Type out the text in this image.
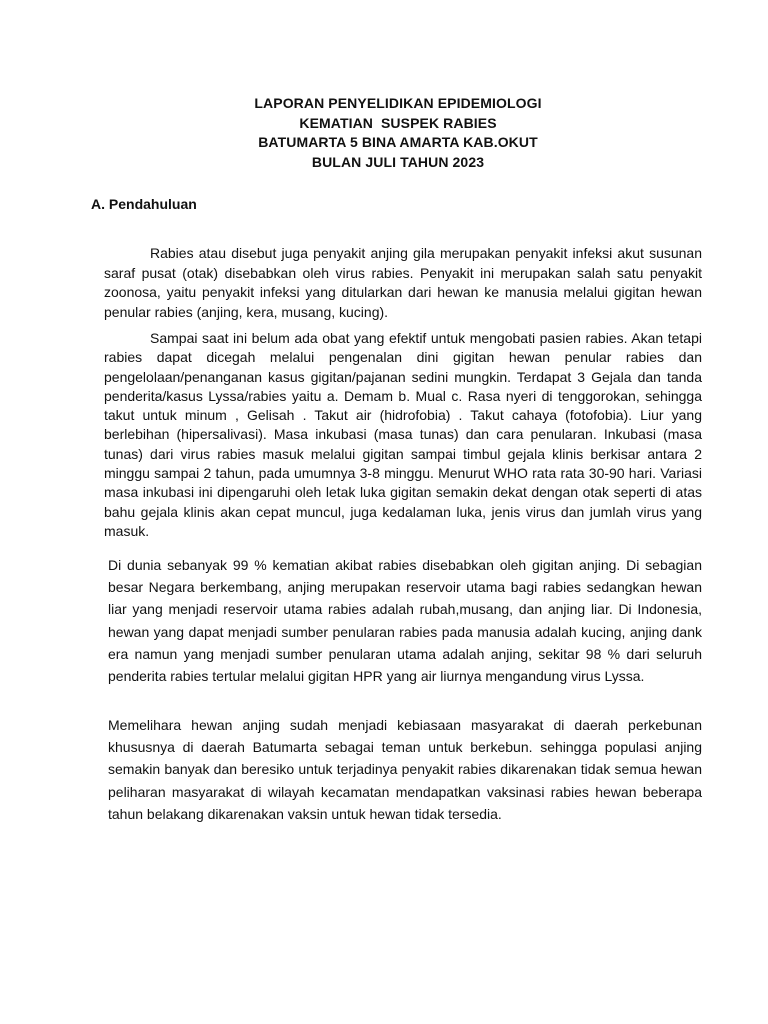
LAPORAN PENYELIDIKAN EPIDEMIOLOGI
KEMATIAN  SUSPEK RABIES
BATUMARTA 5 BINA AMARTA KAB.OKUT
BULAN JULI TAHUN 2023
A. Pendahuluan

Rabies atau disebut juga penyakit anjing gila merupakan penyakit infeksi akut susunan saraf pusat (otak) disebabkan oleh virus rabies. Penyakit ini merupakan salah satu penyakit zoonosa, yaitu penyakit infeksi yang ditularkan dari hewan ke manusia melalui gigitan hewan penular rabies (anjing, kera, musang, kucing).

Sampai saat ini belum ada obat yang efektif untuk mengobati pasien rabies. Akan tetapi rabies dapat dicegah melalui pengenalan dini gigitan hewan penular rabies dan pengelolaan/penanganan kasus gigitan/pajanan sedini mungkin. Terdapat 3 Gejala dan tanda penderita/kasus Lyssa/rabies yaitu a. Demam b. Mual c. Rasa nyeri di tenggorokan, sehingga takut untuk minum , Gelisah . Takut air (hidrofobia) . Takut cahaya (fotofobia). Liur yang berlebihan (hipersalivasi). Masa inkubasi (masa tunas) dan cara penularan. Inkubasi (masa tunas) dari virus rabies masuk melalui gigitan sampai timbul gejala klinis berkisar antara 2 minggu sampai 2 tahun, pada umumnya 3-8 minggu. Menurut WHO rata rata 30-90 hari. Variasi masa inkubasi ini dipengaruhi oleh letak luka gigitan semakin dekat dengan otak seperti di atas bahu gejala klinis akan cepat muncul, juga kedalaman luka, jenis virus dan jumlah virus yang masuk.

Di dunia sebanyak 99 % kematian akibat rabies disebabkan oleh gigitan anjing. Di sebagian besar Negara berkembang, anjing merupakan reservoir utama bagi rabies sedangkan hewan liar yang menjadi reservoir utama rabies adalah rubah,musang, dan anjing liar. Di Indonesia, hewan yang dapat menjadi sumber penularan rabies pada manusia adalah kucing, anjing dank era namun yang menjadi sumber penularan utama adalah anjing, sekitar 98 % dari seluruh penderita rabies tertular melalui gigitan HPR yang air liurnya mengandung virus Lyssa.

Memelihara hewan anjing sudah menjadi kebiasaan masyarakat di daerah perkebunan khususnya di daerah Batumarta sebagai teman untuk berkebun. sehingga populasi anjing semakin banyak dan beresiko untuk terjadinya penyakit rabies dikarenakan tidak semua hewan peliharan masyarakat di wilayah kecamatan mendapatkan vaksinasi rabies hewan beberapa tahun belakang dikarenakan vaksin untuk hewan tidak tersedia.
